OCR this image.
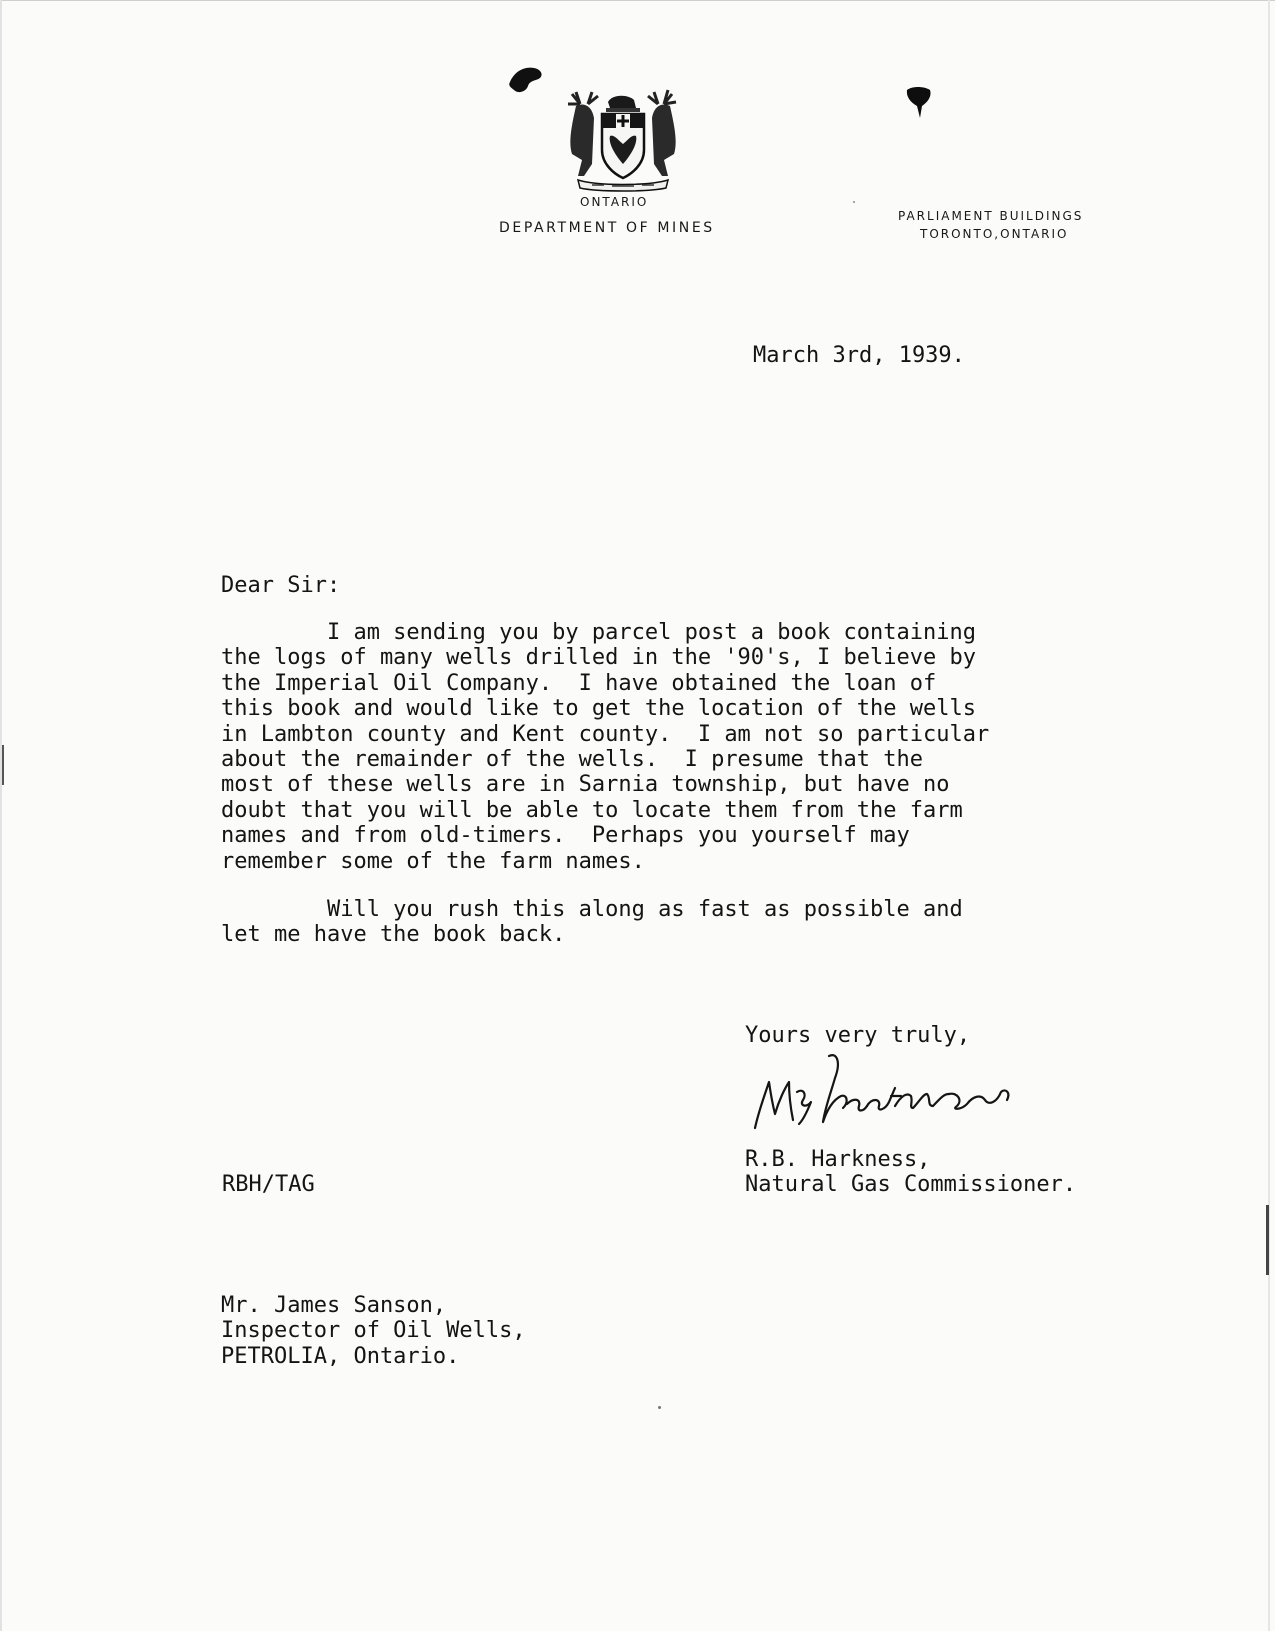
ONTARIO
DEPARTMENT OF MINES
PARLIAMENT BUILDINGS
TORONTO,ONTARIO
March 3rd, 1939.
Dear Sir:
I am sending you by parcel post a book containing
the logs of many wells drilled in the '90's, I believe by
the Imperial Oil Company.  I have obtained the loan of
this book and would like to get the location of the wells
in Lambton county and Kent county.  I am not so particular
about the remainder of the wells.  I presume that the
most of these wells are in Sarnia township, but have no
doubt that you will be able to locate them from the farm
names and from old-timers.  Perhaps you yourself may
remember some of the farm names.
Will you rush this along as fast as possible and
let me have the book back.
Yours very truly,
R.B. Harkness,
Natural Gas Commissioner.
RBH/TAG
Mr. James Sanson,
Inspector of Oil Wells,
PETROLIA, Ontario.
